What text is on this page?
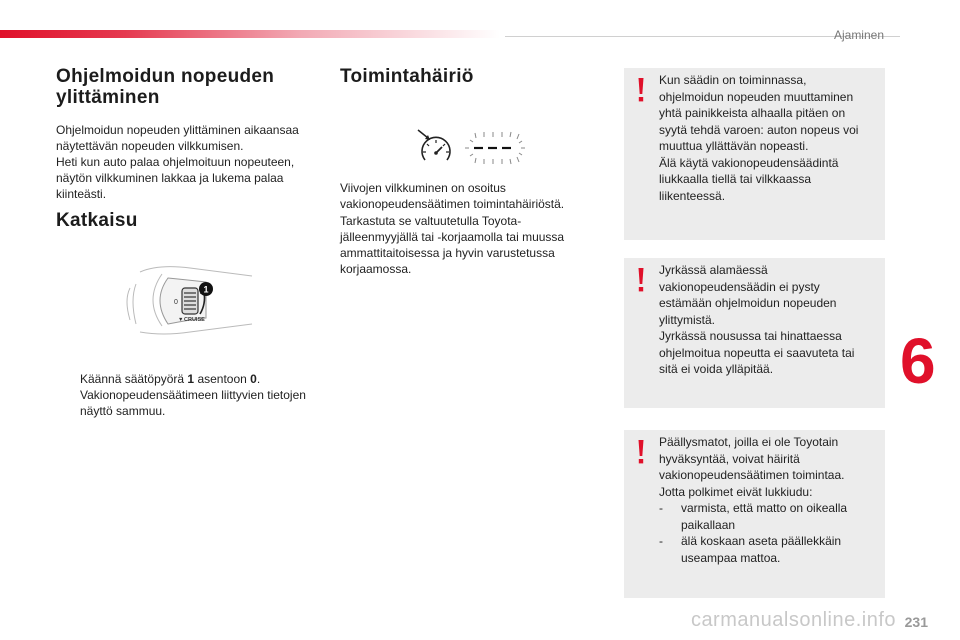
Ajaminen
Ohjelmoidun nopeuden
ylittäminen
Ohjelmoidun nopeuden ylittäminen aikaansaa
näytettävän nopeuden vilkkumisen.
Heti kun auto palaa ohjelmoituun nopeuteen,
näytön vilkkuminen lakkaa ja lukema palaa
kiinteästi.
Katkaisu
0
▼ CRUISE
1
Käännä säätöpyörä 1 asentoon 0.
Vakionopeudensäätimeen liittyvien tietojen
näyttö sammuu.
Toimintahäiriö
Viivojen vilkkuminen on osoitus
vakionopeudensäätimen toimintahäiriöstä.
Tarkastuta se valtuutetulla Toyota-
jälleenmyyjällä tai -korjaamolla tai muussa
ammattitaitoisessa ja hyvin varustetussa
korjaamossa.
Kun säädin on toiminnassa,
ohjelmoidun nopeuden muuttaminen
yhtä painikkeista alhaalla pitäen on
syytä tehdä varoen: auton nopeus voi
muuttua yllättävän nopeasti.
Älä käytä vakionopeudensäädintä
liukkaalla tiellä tai vilkkaassa
liikenteessä.
Jyrkässä alamäessä
vakionopeudensäädin ei pysty
estämään ohjelmoidun nopeuden
ylittymistä.
Jyrkässä nousussa tai hinattaessa
ohjelmoitua nopeutta ei saavuteta tai
sitä ei voida ylläpitää.
Päällysmatot, joilla ei ole Toyotain
hyväksyntää, voivat häiritä
vakionopeudensäätimen toimintaa.
Jotta polkimet eivät lukkiudu:
-	varmista, että matto on oikealla
paikallaan
-	älä koskaan aseta päällekkäin
useampaa mattoa.
6
carmanualsonline.info 231
